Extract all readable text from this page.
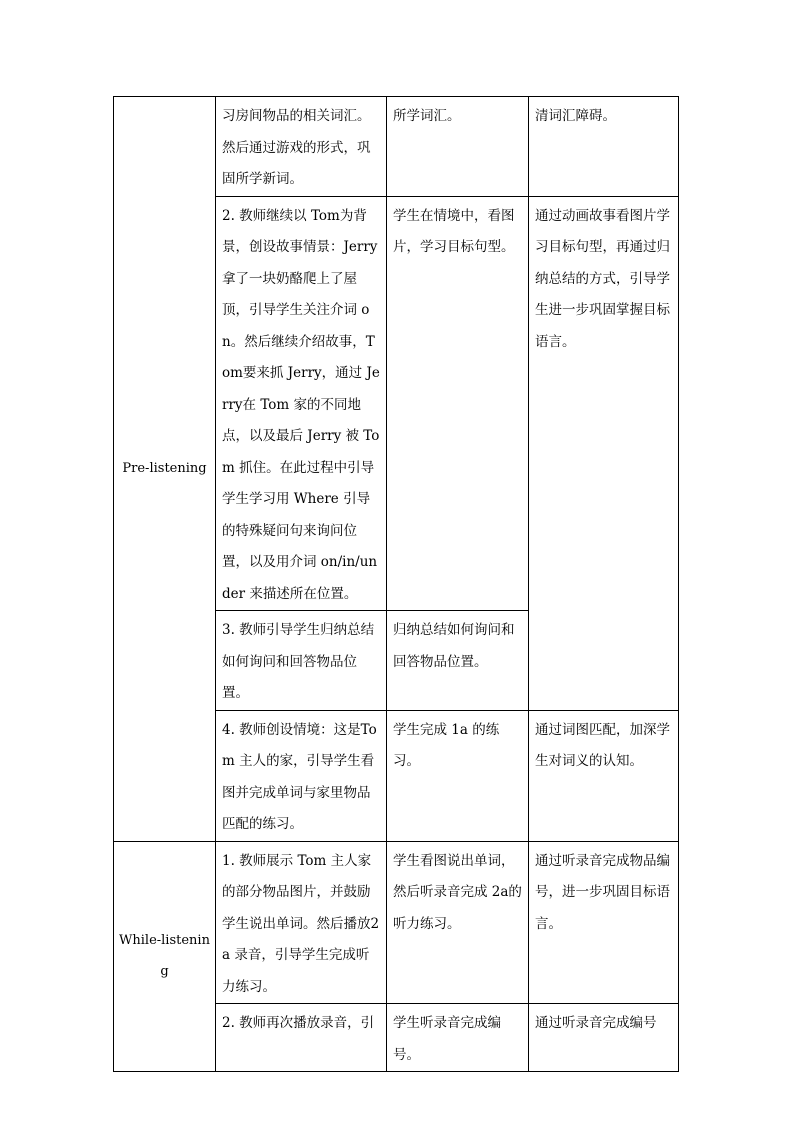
Pre-listening	习房间物品的相关词汇。然后通过游戏的形式，巩固所学新词。	所学词汇。	清词汇障碍。

	2. 教师继续以 Tom为背景，创设故事情景：Jerry拿了一块奶酪爬上了屋顶，引导学生关注介词 on。然后继续介绍故事，Tom要来抓 Jerry，通过 Jerry在 Tom 家的不同地点，以及最后 Jerry 被 Tom 抓住。在此过程中引导学生学习用 Where 引导的特殊疑问句来询问位置，以及用介词 on/in/under 来描述所在位置。	学生在情境中，看图片，学习目标句型。	通过动画故事看图片学习目标句型，再通过归纳总结的方式，引导学生进一步巩固掌握目标语言。

	3. 教师引导学生归纳总结如何询问和回答物品位置。	归纳总结如何询问和回答物品位置。	

	4. 教师创设情境：这是Tom 主人的家，引导学生看图并完成单词与家里物品匹配的练习。	学生完成 1a 的练习。	通过词图匹配，加深学生对词义的认知。

While-listening	1. 教师展示 Tom 主人家的部分物品图片，并鼓励学生说出单词。然后播放2a 录音，引导学生完成听力练习。	学生看图说出单词，然后听录音完成 2a的听力练习。	通过听录音完成物品编号，进一步巩固目标语言。

	2. 教师再次播放录音，引	学生听录音完成编号。	通过听录音完成编号
